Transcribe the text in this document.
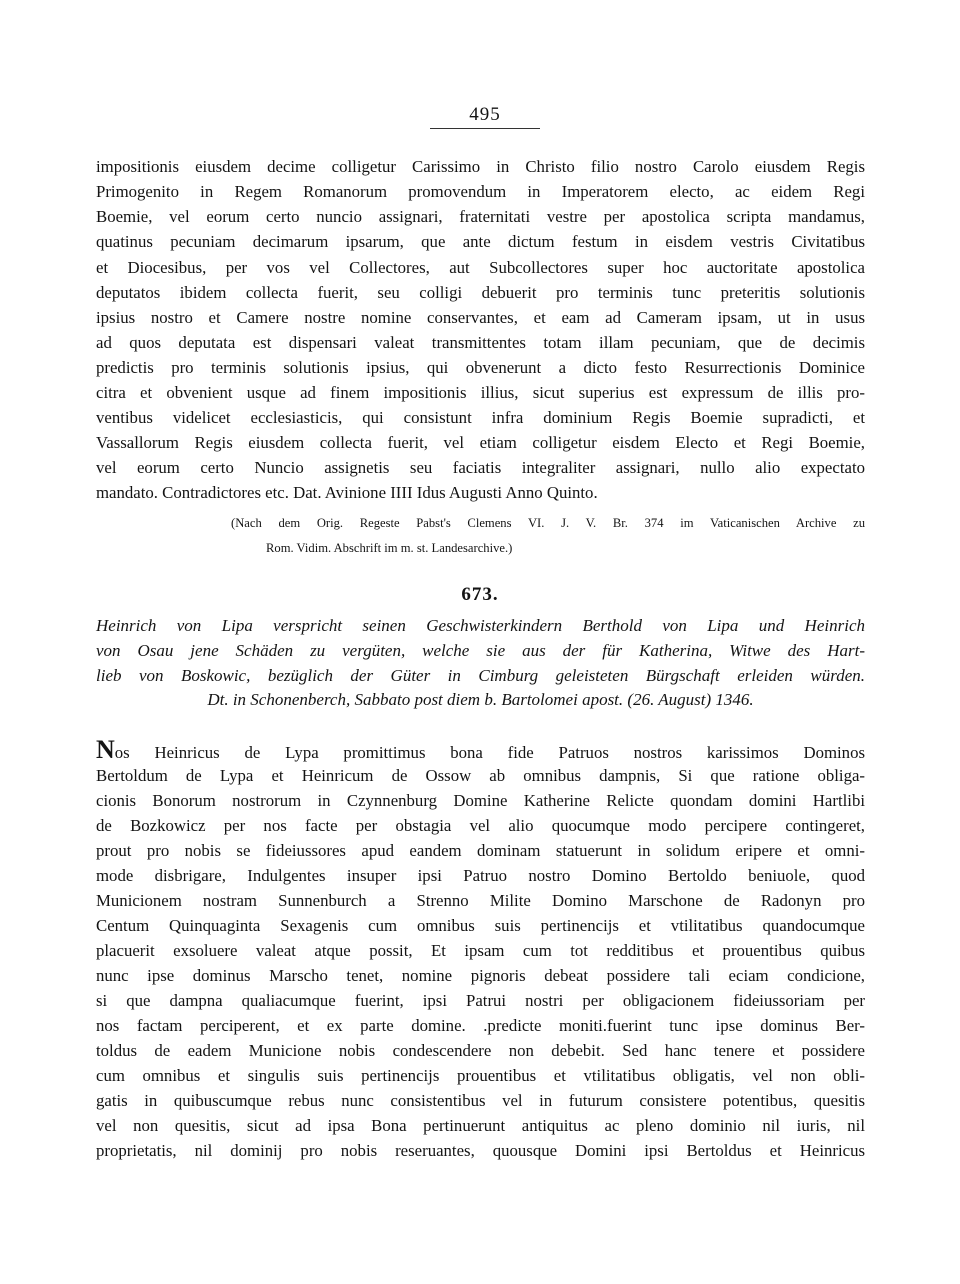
495
impositionis eiusdem decime colligetur Carissimo in Christo filio nostro Carolo eiusdem Regis
Primogenito in Regem Romanorum promovendum in Imperatorem electo, ac eidem Regi
Boemie, vel eorum certo nuncio assignari, fraternitati vestre per apostolica scripta mandamus,
quatinus pecuniam decimarum ipsarum, que ante dictum festum in eisdem vestris Civitatibus
et Diocesibus, per vos vel Collectores, aut Subcollectores super hoc auctoritate apostolica
deputatos ibidem collecta fuerit, seu colligi debuerit pro terminis tunc preteritis solutionis
ipsius nostro et Camere nostre nomine conservantes, et eam ad Cameram ipsam, ut in usus
ad quos deputata est dispensari valeat transmittentes totam illam pecuniam, que de decimis
predictis pro terminis solutionis ipsius, qui obvenerunt a dicto festo Resurrectionis Dominice
citra et obvenient usque ad finem impositionis illius, sicut superius est expressum de illis pro-
ventibus videlicet ecclesiasticis, qui consistunt infra dominium Regis Boemie supradicti, et
Vassallorum Regis eiusdem collecta fuerit, vel etiam colligetur eisdem Electo et Regi Boemie,
vel eorum certo Nuncio assignetis seu faciatis integraliter assignari, nullo alio expectato
mandato. Contradictores etc. Dat. Avinione IIII Idus Augusti Anno Quinto.
(Nach dem Orig. Regeste Pabst's Clemens VI. J. V. Br. 374 im Vaticanischen Archive zu
Rom. Vidim. Abschrift im m. st. Landesarchive.)
673.
Heinrich von Lipa verspricht seinen Geschwisterkindern Berthold von Lipa und Heinrich
von Osau jene Schäden zu vergüten, welche sie aus der für Katherina, Witwe des Hart-
lieb von Boskowic, bezüglich der Güter in Cimburg geleisteten Bürgschaft erleiden würden.
Dt. in Schonenberch, Sabbato post diem b. Bartolomei apost. (26. August) 1346.
Nos Heinricus de Lypa promittimus bona fide Patruos nostros karissimos Dominos
Bertoldum de Lypa et Heinricum de Ossow ab omnibus dampnis, Si que ratione obliga-
cionis Bonorum nostrorum in Czynnenburg Domine Katherine Relicte quondam domini Hartlibi
de Bozkowicz per nos facte per obstagia vel alio quocumque modo percipere contingeret,
prout pro nobis se fideiussores apud eandem dominam statuerunt in solidum eripere et omni-
mode disbrigare, Indulgentes insuper ipsi Patruo nostro Domino Bertoldo beniuole, quod
Municionem nostram Sunnenburch a Strenno Milite Domino Marschone de Radonyn pro
Centum Quinquaginta Sexagenis cum omnibus suis pertinencijs et vtilitatibus quandocumque
placuerit exsoluere valeat atque possit, Et ipsam cum tot redditibus et prouentibus quibus
nunc ipse dominus Marscho tenet, nomine pignoris debeat possidere tali eciam condicione,
si que dampna qualiacumque fuerint, ipsi Patrui nostri per obligacionem fideiussoriam per
nos factam perciperent, et ex parte domine. .predicte moniti.fuerint tunc ipse dominus Ber-
toldus de eadem Municione nobis condescendere non debebit. Sed hanc tenere et possidere
cum omnibus et singulis suis pertinencijs prouentibus et vtilitatibus obligatis, vel non obli-
gatis in quibuscumque rebus nunc consistentibus vel in futurum consistere potentibus, quesitis
vel non quesitis, sicut ad ipsa Bona pertinuerunt antiquitus ac pleno dominio nil iuris, nil
proprietatis, nil dominij pro nobis reseruantes, quousque Domini ipsi Bertoldus et Heinricus
